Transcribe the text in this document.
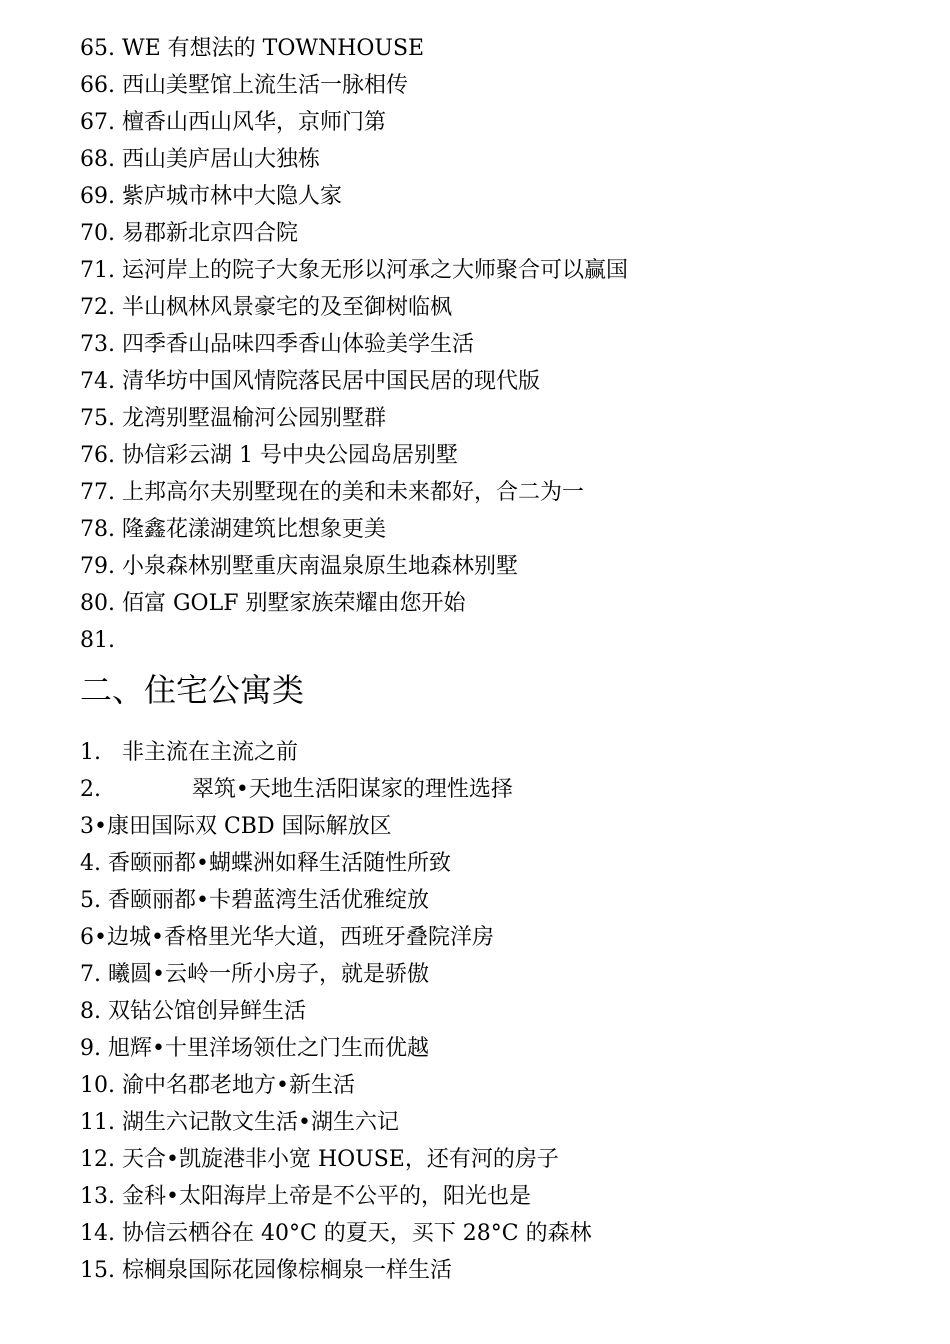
65. WE 有想法的 TOWNHOUSE
66. 西山美墅馆上流生活一脉相传
67. 檀香山西山风华，京师门第
68. 西山美庐居山大独栋
69. 紫庐城市林中大隐人家
70. 易郡新北京四合院
71. 运河岸上的院子大象无形以河承之大师聚合可以赢国
72. 半山枫林风景豪宅的及至御树临枫
73. 四季香山品味四季香山体验美学生活
74. 清华坊中国风情院落民居中国民居的现代版
75. 龙湾别墅温榆河公园别墅群
76. 协信彩云湖 1 号中央公园岛居别墅
77. 上邦高尔夫别墅现在的美和未来都好，合二为一
78. 隆鑫花漾湖建筑比想象更美
79. 小泉森林别墅重庆南温泉原生地森林别墅
80. 佰富 GOLF 别墅家族荣耀由您开始
81.
二、住宅公寓类
1.   非主流在主流之前
2.             翠筑•天地生活阳谋家的理性选择
3•康田国际双 CBD 国际解放区
4. 香颐丽都•蝴蝶洲如释生活随性所致
5. 香颐丽都•卡碧蓝湾生活优雅绽放
6•边城•香格里光华大道，西班牙叠院洋房
7. 曦圆•云岭一所小房子，就是骄傲
8. 双钻公馆创异鲜生活
9. 旭辉•十里洋场领仕之门生而优越
10. 渝中名郡老地方•新生活
11. 湖生六记散文生活•湖生六记
12. 天合•凯旋港非小宽 HOUSE，还有河的房子
13. 金科•太阳海岸上帝是不公平的，阳光也是
14. 协信云栖谷在 40°C 的夏天，买下 28°C 的森林
15. 棕榈泉国际花园像棕榈泉一样生活
